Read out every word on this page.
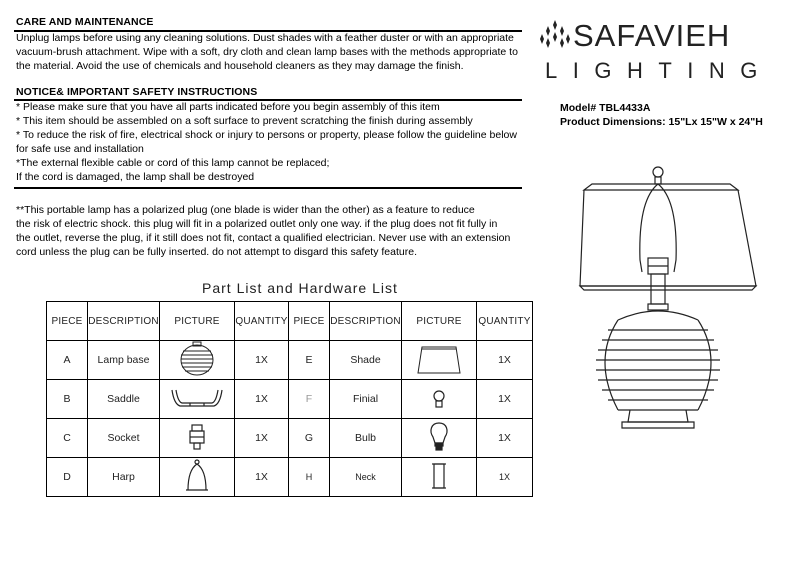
CARE AND MAINTENANCE
Unplug lamps before using any cleaning solutions. Dust shades with a feather duster or with an appropriate
vacuum-brush attachment. Wipe with a soft, dry cloth and clean lamp bases with the methods appropriate to
the material. Avoid the use of chemicals and household cleaners as they may damage the finish.
NOTICE& IMPORTANT SAFETY INSTRUCTIONS
* Please make sure that you have all parts indicated before you begin assembly of this item
* This item should be assembled on a soft surface to prevent scratching the finish during assembly
* To reduce the risk of fire, electrical shock or injury to persons or property, please follow the guideline below
for safe use and installation
*The external flexible cable or cord of this lamp cannot be replaced;
If the cord is damaged, the lamp shall be destroyed
**This portable lamp has a polarized plug (one blade is wider than the other) as a feature to reduce
the risk of electric shock. this plug will fit in a polarized outlet only one way. if the plug does not fit fully in
the outlet, reverse the plug, if it still does not fit, contact a qualified electrician. Never use with an extension
cord unless the plug can be fully inserted. do not attempt to disgard this safety feature.
SAFAVIEH
LIGHTING
Model# TBL4433A
Product Dimensions: 15"Lx 15"W x 24"H
Part List and Hardware List
PIECE	DESCRIPTION	PICTURE	QUANTITY	PIECE	DESCRIPTION	PICTURE	QUANTITY
A	Lamp base		1X	E	Shade		1X
B	Saddle		1X	F	Finial		1X
C	Socket		1X	G	Bulb		1X
D	Harp		1X	H	Neck		1X
